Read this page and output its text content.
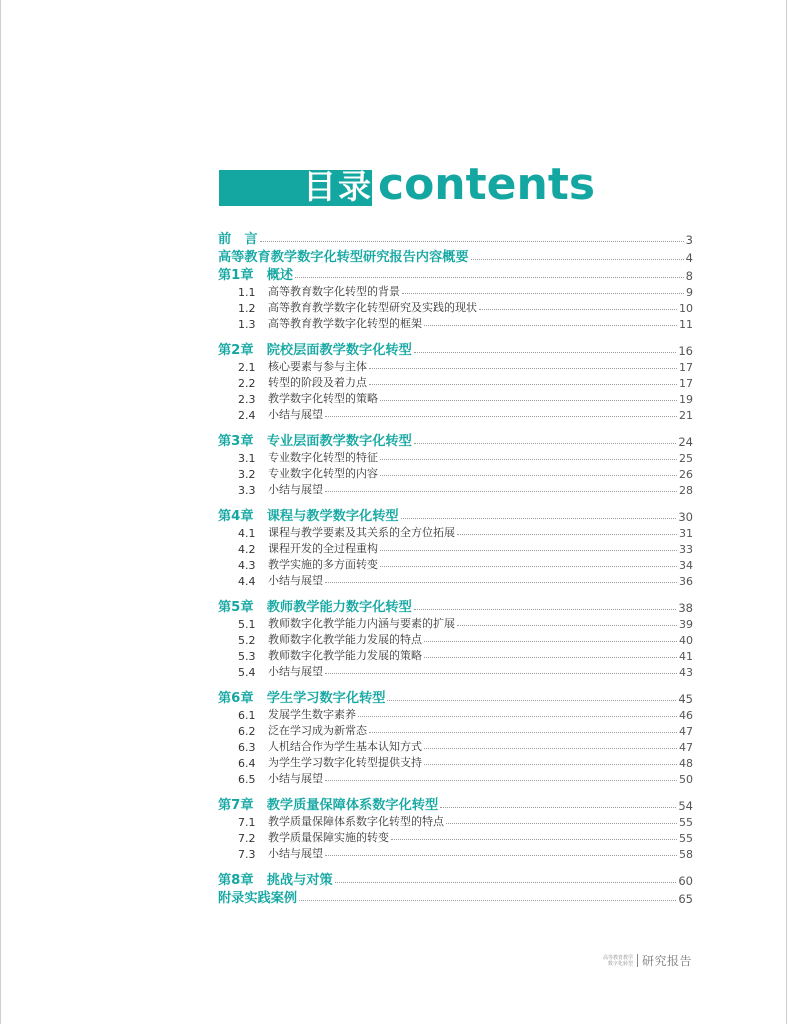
目录 contents
前　言	3
高等教育教学数字化转型研究报告内容概要	4
第1章　概述	8
1.1	高等教育数字化转型的背景	9
1.2	高等教育教学数字化转型研究及实践的现状	10
1.3	高等教育教学数字化转型的框架	11
第2章　院校层面教学数字化转型	16
2.1	核心要素与参与主体	17
2.2	转型的阶段及着力点	17
2.3	教学数字化转型的策略	19
2.4	小结与展望	21
第3章　专业层面教学数字化转型	24
3.1	专业数字化转型的特征	25
3.2	专业数字化转型的内容	26
3.3	小结与展望	28
第4章　课程与教学数字化转型	30
4.1	课程与教学要素及其关系的全方位拓展	31
4.2	课程开发的全过程重构	33
4.3	教学实施的多方面转变	34
4.4	小结与展望	36
第5章　教师教学能力数字化转型	38
5.1	教师数字化教学能力内涵与要素的扩展	39
5.2	教师数字化教学能力发展的特点	40
5.3	教师数字化教学能力发展的策略	41
5.4	小结与展望	43
第6章　学生学习数字化转型	45
6.1	发展学生数字素养	46
6.2	泛在学习成为新常态	47
6.3	人机结合作为学生基本认知方式	47
6.4	为学生学习数字化转型提供支持	48
6.5	小结与展望	50
第7章　教学质量保障体系数字化转型	54
7.1	教学质量保障体系数字化转型的特点	55
7.2	教学质量保障实施的转变	55
7.3	小结与展望	58
第8章　挑战与对策	60
附录实践案例	65
高等教育教学
数字化转型 研究报告
